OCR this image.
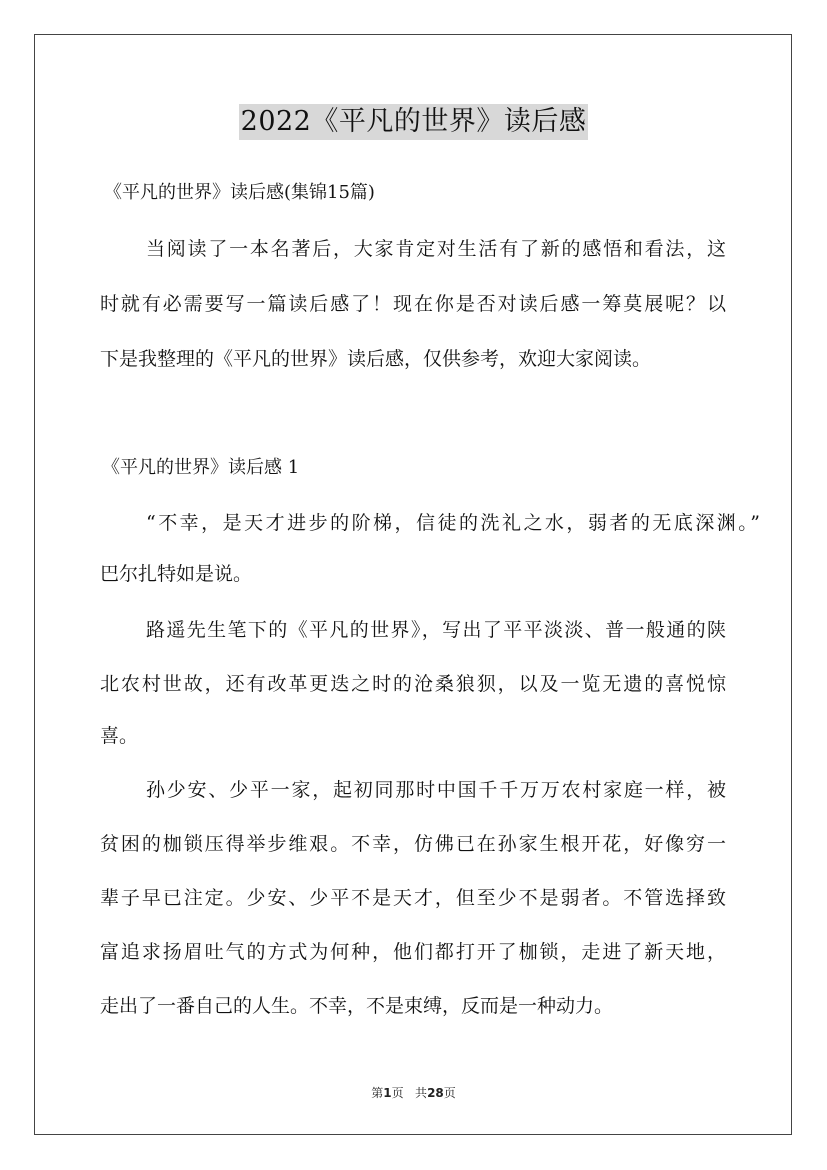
2022《平凡的世界》读后感
《平凡的世界》读后感(集锦15篇)
当阅读了一本名著后，大家肯定对生活有了新的感悟和看法，这
时就有必需要写一篇读后感了！现在你是否对读后感一筹莫展呢？以
下是我整理的《平凡的世界》读后感，仅供参考，欢迎大家阅读。
《平凡的世界》读后感 1
“不幸，是天才进步的阶梯，信徒的洗礼之水，弱者的无底深渊。”
巴尔扎特如是说。
路遥先生笔下的《平凡的世界》，写出了平平淡淡、普一般通的陕
北农村世故，还有改革更迭之时的沧桑狼狈，以及一览无遗的喜悦惊
喜。
孙少安、少平一家，起初同那时中国千千万万农村家庭一样，被
贫困的枷锁压得举步维艰。不幸，仿佛已在孙家生根开花，好像穷一
辈子早已注定。少安、少平不是天才，但至少不是弱者。不管选择致
富追求扬眉吐气的方式为何种，他们都打开了枷锁，走进了新天地，
走出了一番自己的人生。不幸，不是束缚，反而是一种动力。
第1页 共28页
